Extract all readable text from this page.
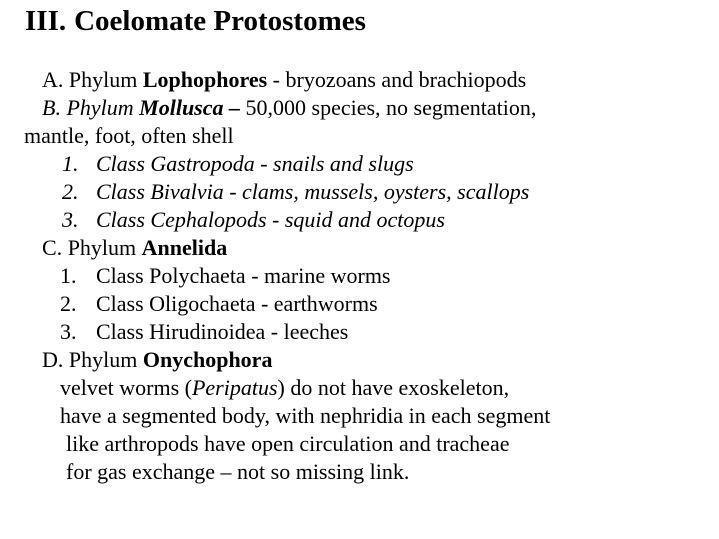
III. Coelomate Protostomes
A. Phylum Lophophores - bryozoans and brachiopods
B. Phylum Mollusca – 50,000 species, no segmentation,
mantle, foot, often shell
1. Class Gastropoda - snails and slugs
2. Class Bivalvia - clams, mussels, oysters, scallops
3. Class Cephalopods - squid and octopus
C. Phylum Annelida
1. Class Polychaeta - marine worms
2. Class Oligochaeta - earthworms
3. Class Hirudinoidea - leeches
D. Phylum Onychophora
velvet worms (Peripatus) do not have exoskeleton,
have a segmented body, with nephridia in each segment
like arthropods have open circulation and tracheae
for gas exchange – not so missing link.
